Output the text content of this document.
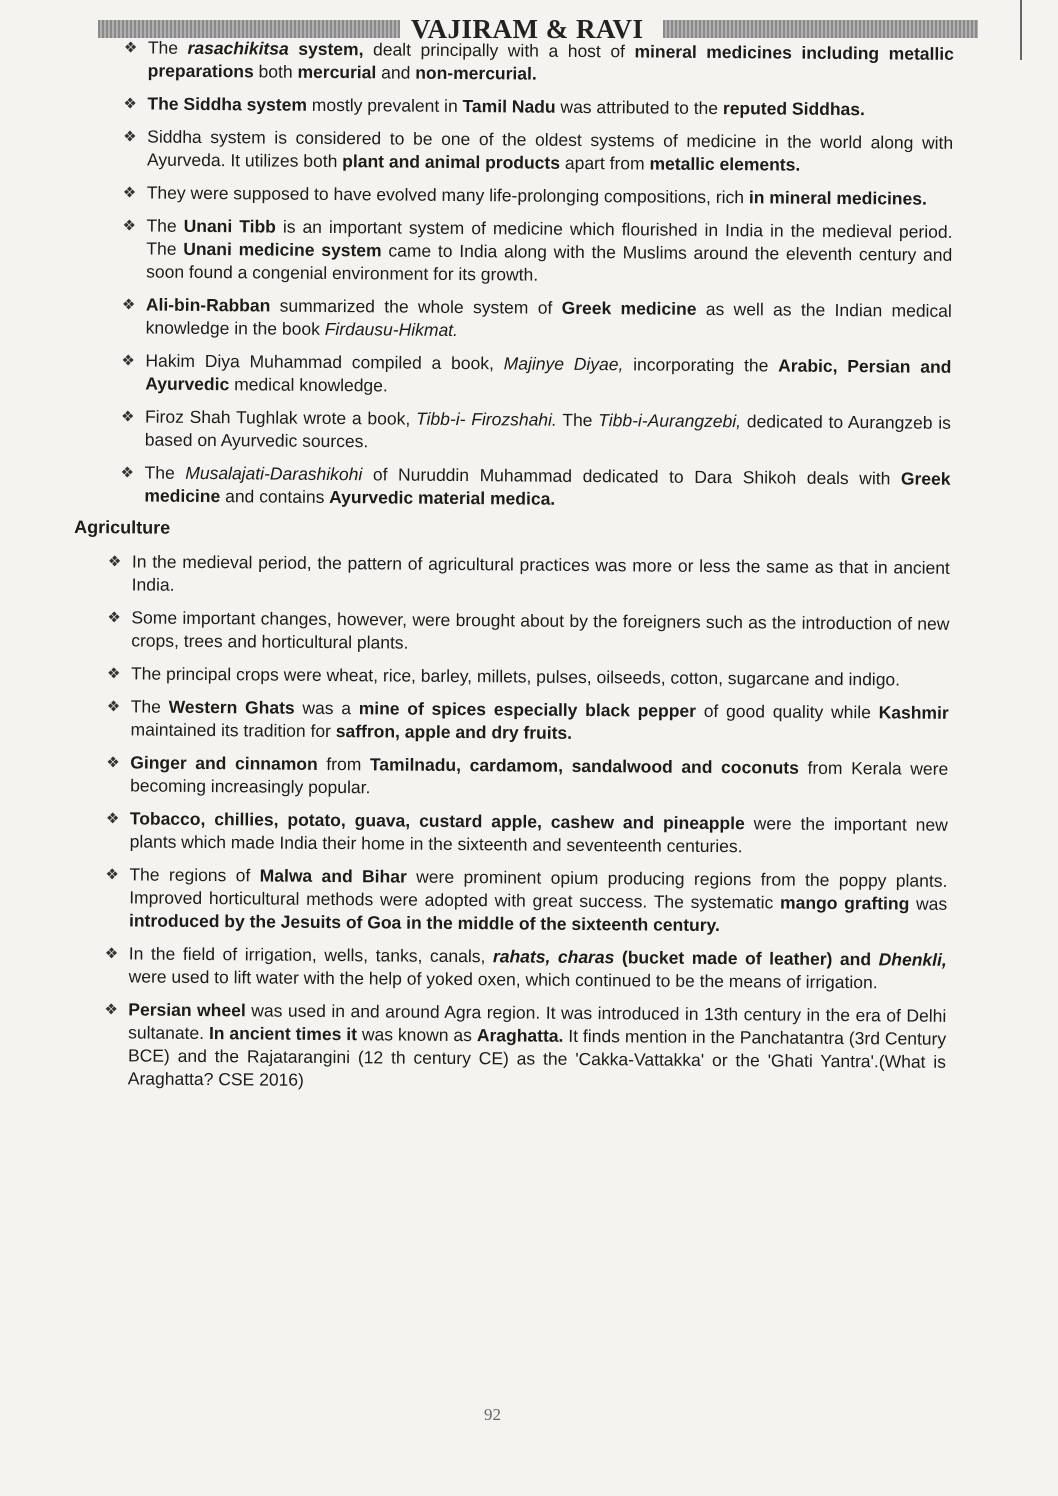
VAJIRAM & RAVI
❖ The rasachikitsa system, dealt principally with a host of mineral medicines including metallic preparations both mercurial and non-mercurial.
❖ The Siddha system mostly prevalent in Tamil Nadu was attributed to the reputed Siddhas.
❖ Siddha system is considered to be one of the oldest systems of medicine in the world along with Ayurveda. It utilizes both plant and animal products apart from metallic elements.
❖ They were supposed to have evolved many life-prolonging compositions, rich in mineral medicines.
❖ The Unani Tibb is an important system of medicine which flourished in India in the medieval period. The Unani medicine system came to India along with the Muslims around the eleventh century and soon found a congenial environment for its growth.
❖ Ali-bin-Rabban summarized the whole system of Greek medicine as well as the Indian medical knowledge in the book Firdausu-Hikmat.
❖ Hakim Diya Muhammad compiled a book, Majinye Diyae, incorporating the Arabic, Persian and Ayurvedic medical knowledge.
❖ Firoz Shah Tughlak wrote a book, Tibb-i- Firozshahi. The Tibb-i-Aurangzebi, dedicated to Aurangzeb is based on Ayurvedic sources.
❖ The Musalajati-Darashikohi of Nuruddin Muhammad dedicated to Dara Shikoh deals with Greek medicine and contains Ayurvedic material medica.
Agriculture
❖ In the medieval period, the pattern of agricultural practices was more or less the same as that in ancient India.
❖ Some important changes, however, were brought about by the foreigners such as the introduction of new crops, trees and horticultural plants.
❖ The principal crops were wheat, rice, barley, millets, pulses, oilseeds, cotton, sugarcane and indigo.
❖ The Western Ghats was a mine of spices especially black pepper of good quality while Kashmir maintained its tradition for saffron, apple and dry fruits.
❖ Ginger and cinnamon from Tamilnadu, cardamom, sandalwood and coconuts from Kerala were becoming increasingly popular.
❖ Tobacco, chillies, potato, guava, custard apple, cashew and pineapple were the important new plants which made India their home in the sixteenth and seventeenth centuries.
❖ The regions of Malwa and Bihar were prominent opium producing regions from the poppy plants. Improved horticultural methods were adopted with great success. The systematic mango grafting was introduced by the Jesuits of Goa in the middle of the sixteenth century.
❖ In the field of irrigation, wells, tanks, canals, rahats, charas (bucket made of leather) and Dhenkli, were used to lift water with the help of yoked oxen, which continued to be the means of irrigation.
❖ Persian wheel was used in and around Agra region. It was introduced in 13th century in the era of Delhi sultanate. In ancient times it was known as Araghatta. It finds mention in the Panchatantra (3rd Century BCE) and the Rajatarangini (12 th century CE) as the 'Cakka-Vattakka' or the 'Ghati Yantra'.(What is Araghatta? CSE 2016)
92
